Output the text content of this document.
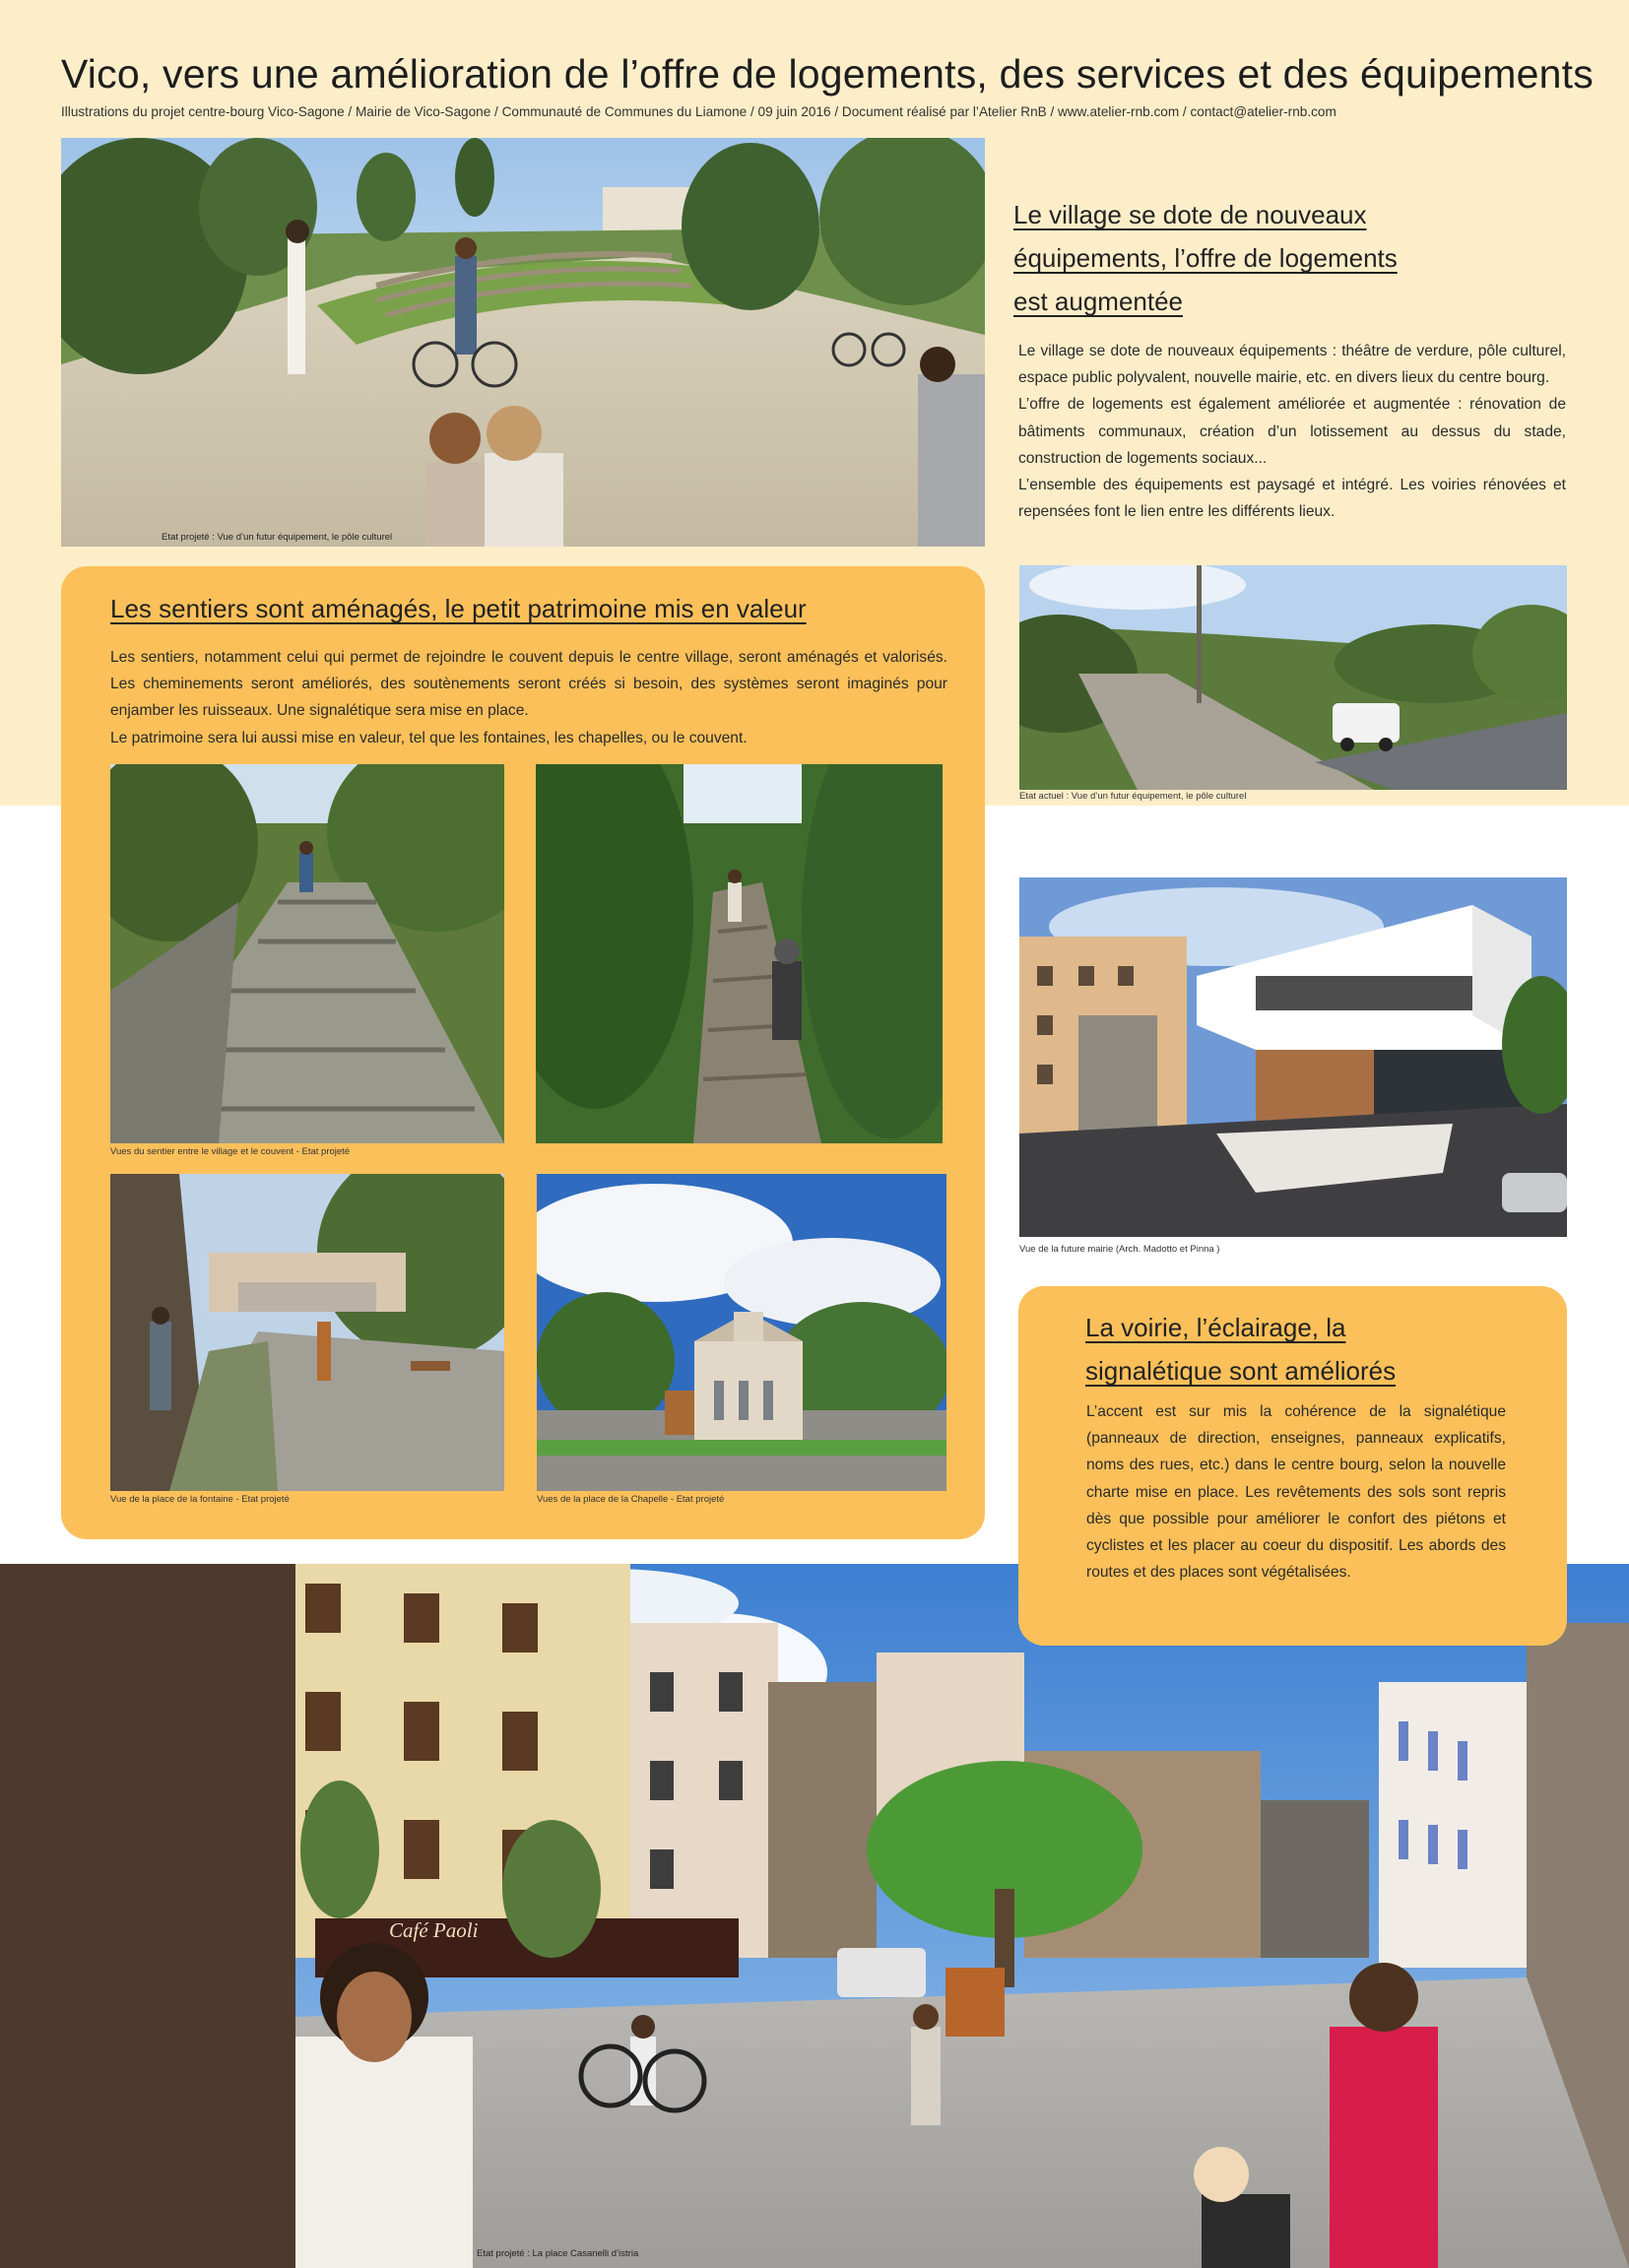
Vico, vers une amélioration de l’offre de logements, des services et des équipements
Illustrations du projet centre-bourg Vico-Sagone / Mairie de Vico-Sagone / Communauté de Communes du Liamone / 09 juin 2016 / Document réalisé par l’Atelier RnB / www.atelier-rnb.com / contact@atelier-rnb.com
Etat projeté : Vue d’un futur équipement, le pôle culturel
Le village se dote de nouveaux équipements, l’offre de logements est augmentée

Le village se dote de nouveaux équipements : théâtre de verdure, pôle culturel, espace public polyvalent, nouvelle mairie, etc. en divers lieux du centre bourg.

L’offre de logements est également améliorée et augmentée : rénovation de bâtiments communaux, création d’un lotissement au dessus du stade, construction de logements sociaux...

L’ensemble des équipements est paysagé et intégré. Les voiries rénovées et repensées font le lien entre les différents lieux.

Etat actuel : Vue d’un futur équipement, le pôle culturel
Les sentiers sont aménagés, le petit patrimoine mis en valeur

Les sentiers, notamment celui qui permet de rejoindre le couvent depuis le centre village, seront aménagés et valorisés. Les cheminements seront améliorés, des soutènements seront créés si besoin, des systèmes seront imaginés pour enjamber les ruisseaux. Une signalétique sera mise en place.

Le patrimoine sera lui aussi mise en valeur, tel que les fontaines, les chapelles, ou le couvent.

Vues du sentier entre le village et le couvent - Etat projeté
Vue de la place de la fontaine - Etat projeté	Vues de la place de la Chapelle - Etat projeté
Vue de la future mairie (Arch. Madotto et Pinna )
Café Paoli
Etat projeté : La place Casanelli d’istria
La voirie, l’éclairage, la signalétique sont améliorés

L’accent est sur mis la cohérence de la signalétique (panneaux de direction, enseignes, panneaux explicatifs, noms des rues, etc.) dans le centre bourg, selon la nouvelle charte mise en place. Les revêtements des sols sont repris dès que possible pour améliorer le confort des piétons et cyclistes et les placer au coeur du dispositif. Les abords des routes et des places sont végétalisées.
